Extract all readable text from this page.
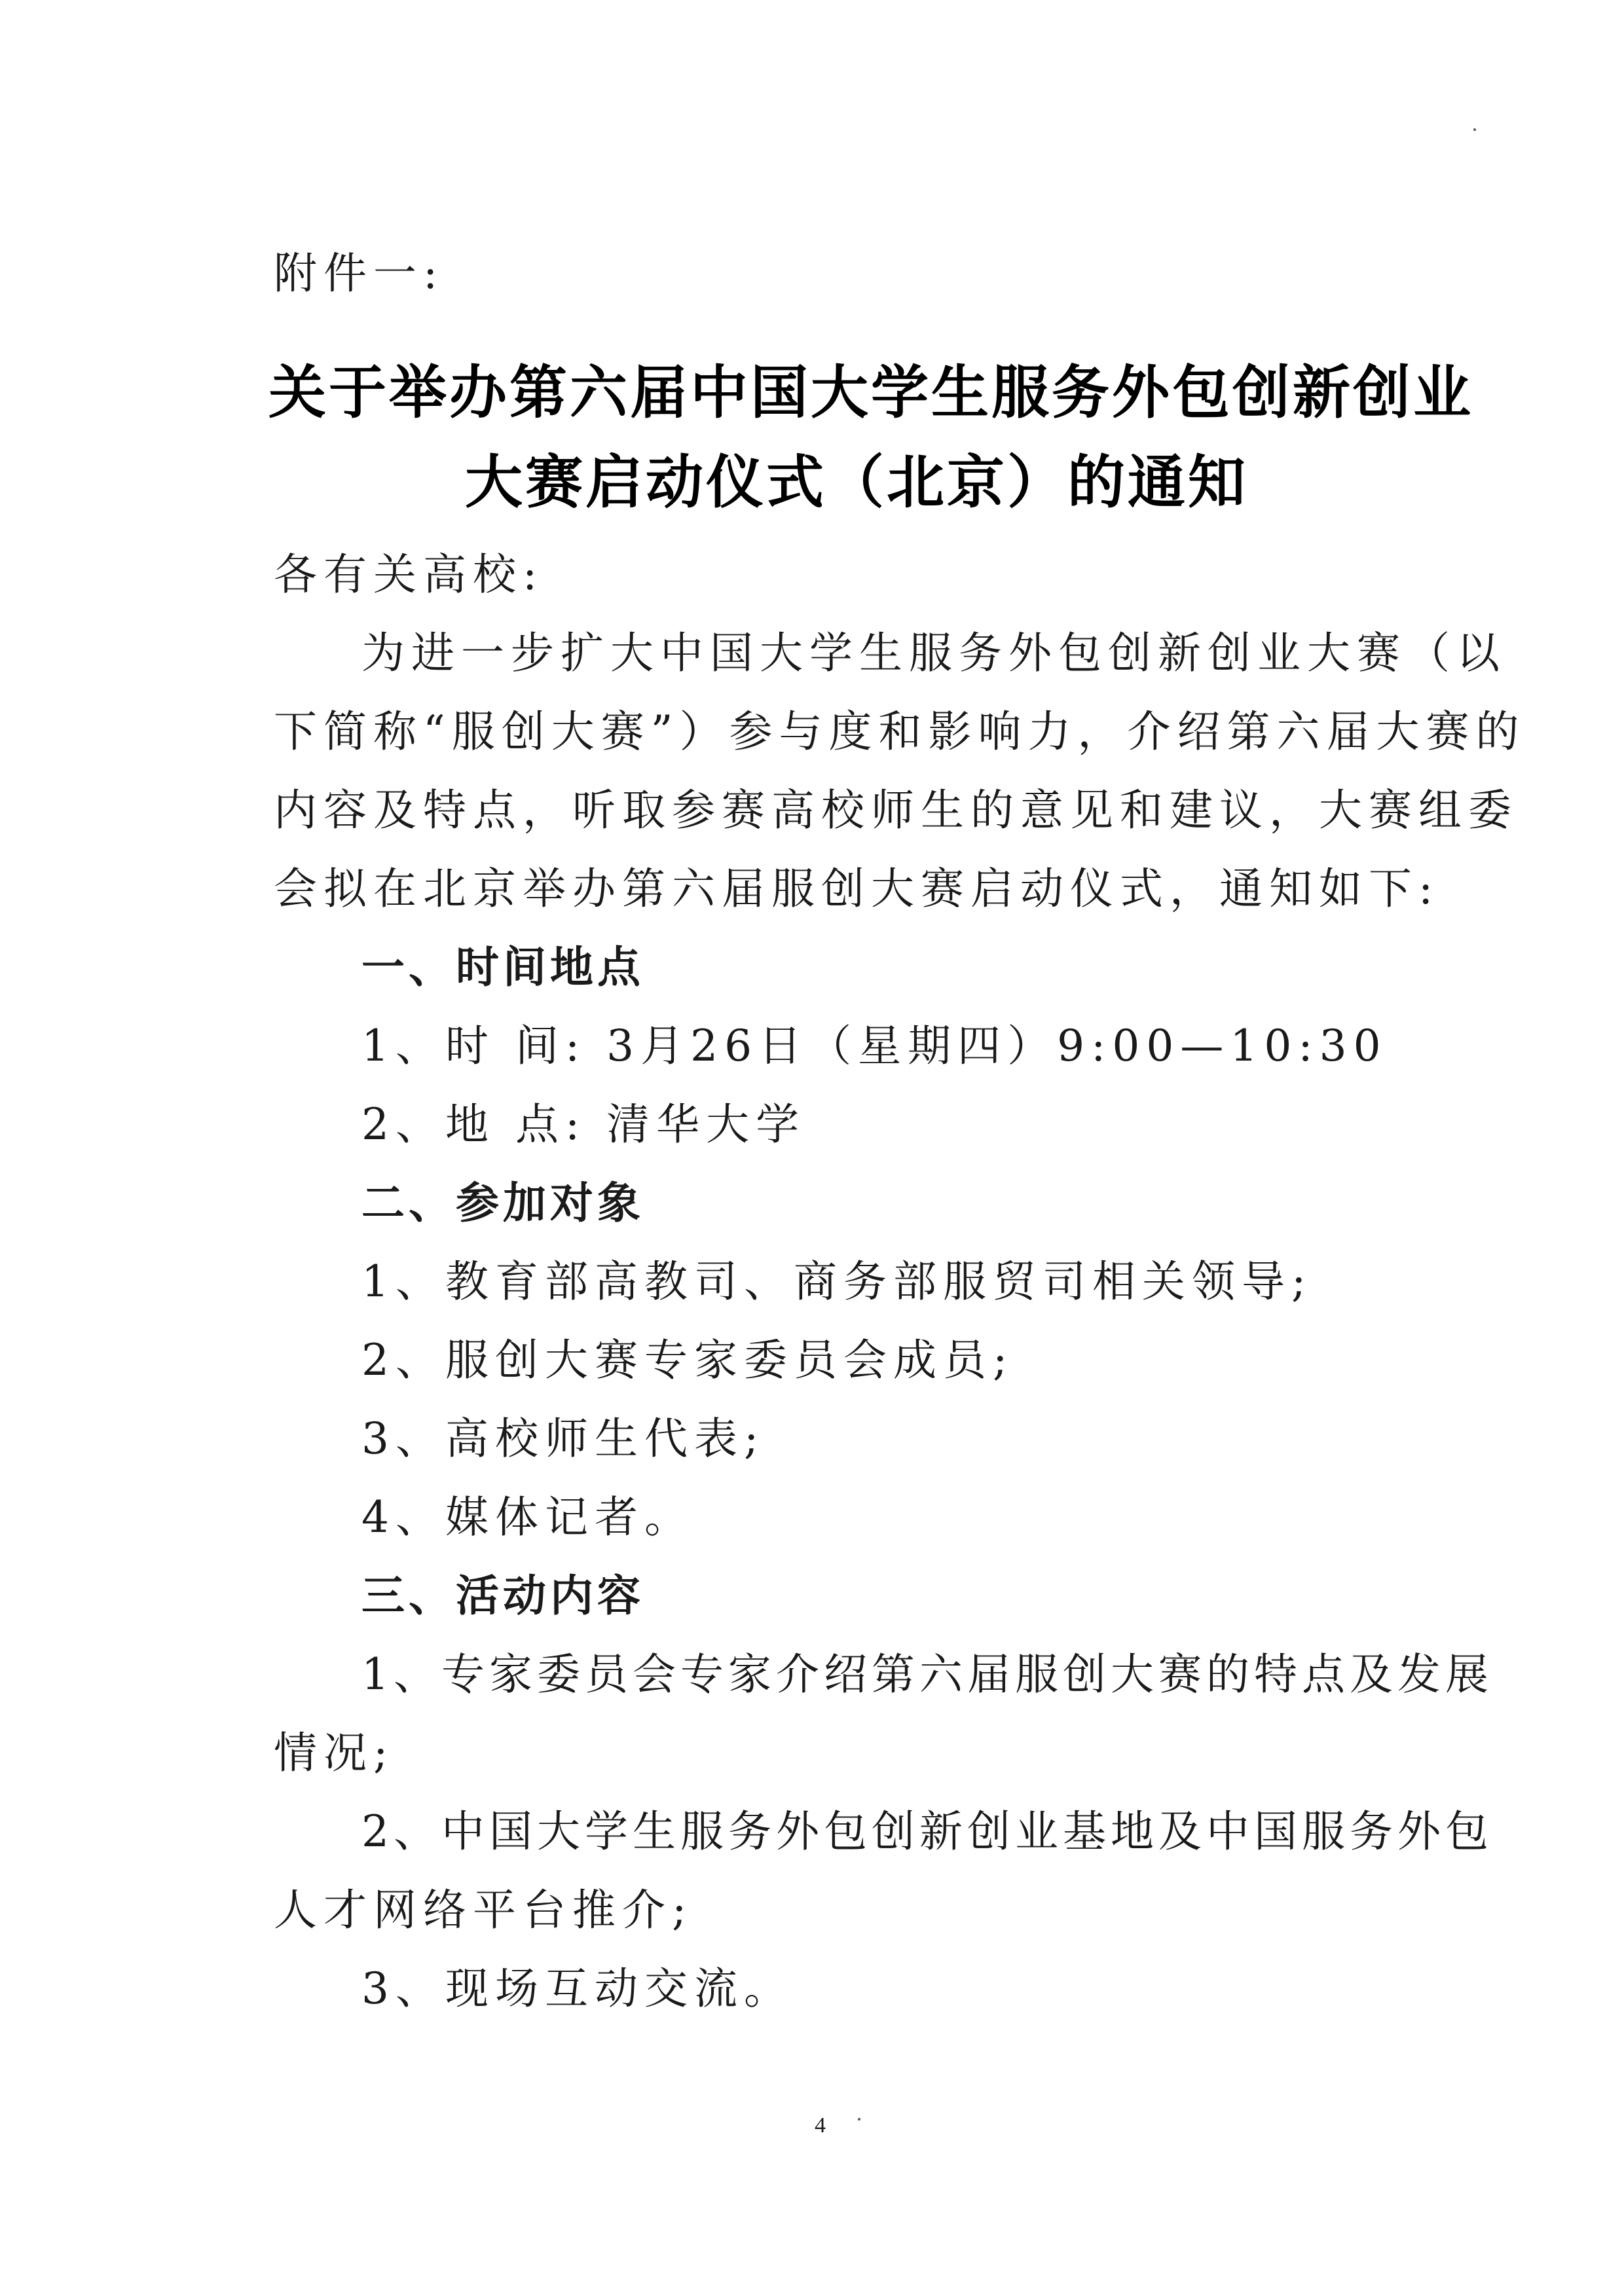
附件一:
关于举办第六届中国大学生服务外包创新创业
大赛启动仪式（北京）的通知
各有关高校:
为进一步扩大中国大学生服务外包创新创业大赛（以
下简称“服创大赛”）参与度和影响力，介绍第六届大赛的
内容及特点，听取参赛高校师生的意见和建议，大赛组委
会拟在北京举办第六届服创大赛启动仪式，通知如下:
一、时间地点
1、时 间: 3月26日（星期四）9:00—10:30
2、地 点: 清华大学
二、参加对象
1、教育部高教司、商务部服贸司相关领导;
2、服创大赛专家委员会成员;
3、高校师生代表;
4、媒体记者。
三、活动内容
1、专家委员会专家介绍第六届服创大赛的特点及发展
情况;
2、中国大学生服务外包创新创业基地及中国服务外包
人才网络平台推介;
3、现场互动交流。
4
